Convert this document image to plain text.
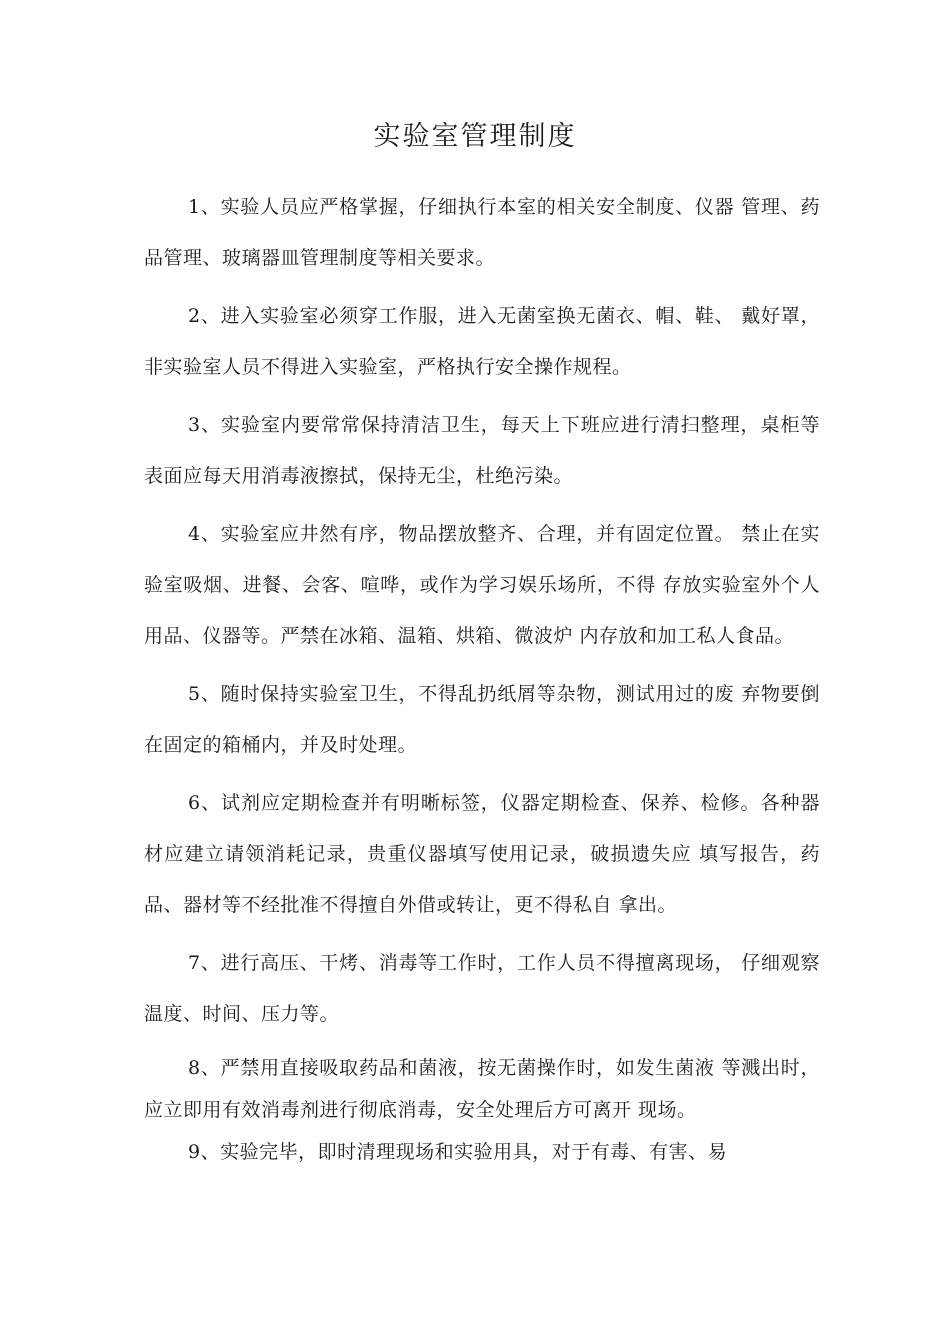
实验室管理制度

1、实验人员应严格掌握，仔细执行本室的相关安全制度、仪器 管理、药品管理、玻璃器皿管理制度等相关要求。

2、进入实验室必须穿工作服，进入无菌室换无菌衣、帽、鞋、 戴好罩，非实验室人员不得进入实验室，严格执行安全操作规程。

3、实验室内要常常保持清洁卫生，每天上下班应进行清扫整理，桌柜等表面应每天用消毒液擦拭，保持无尘，杜绝污染。

4、实验室应井然有序，物品摆放整齐、合理，并有固定位置。 禁止在实验室吸烟、进餐、会客、喧哗，或作为学习娱乐场所，不得 存放实验室外个人用品、仪器等。严禁在冰箱、温箱、烘箱、微波炉 内存放和加工私人食品。

5、随时保持实验室卫生，不得乱扔纸屑等杂物，测试用过的废 弃物要倒在固定的箱桶内，并及时处理。

6、试剂应定期检查并有明晰标签，仪器定期检查、保养、检修。各种器材应建立请领消耗记录，贵重仪器填写使用记录，破损遗失应 填写报告，药品、器材等不经批准不得擅自外借或转让，更不得私自 拿出。

7、进行高压、干烤、消毒等工作时，工作人员不得擅离现场， 仔细观察温度、时间、压力等。

8、严禁用直接吸取药品和菌液，按无菌操作时，如发生菌液 等溅出时，应立即用有效消毒剂进行彻底消毒，安全处理后方可离开 现场。

9、实验完毕，即时清理现场和实验用具，对于有毒、有害、易
